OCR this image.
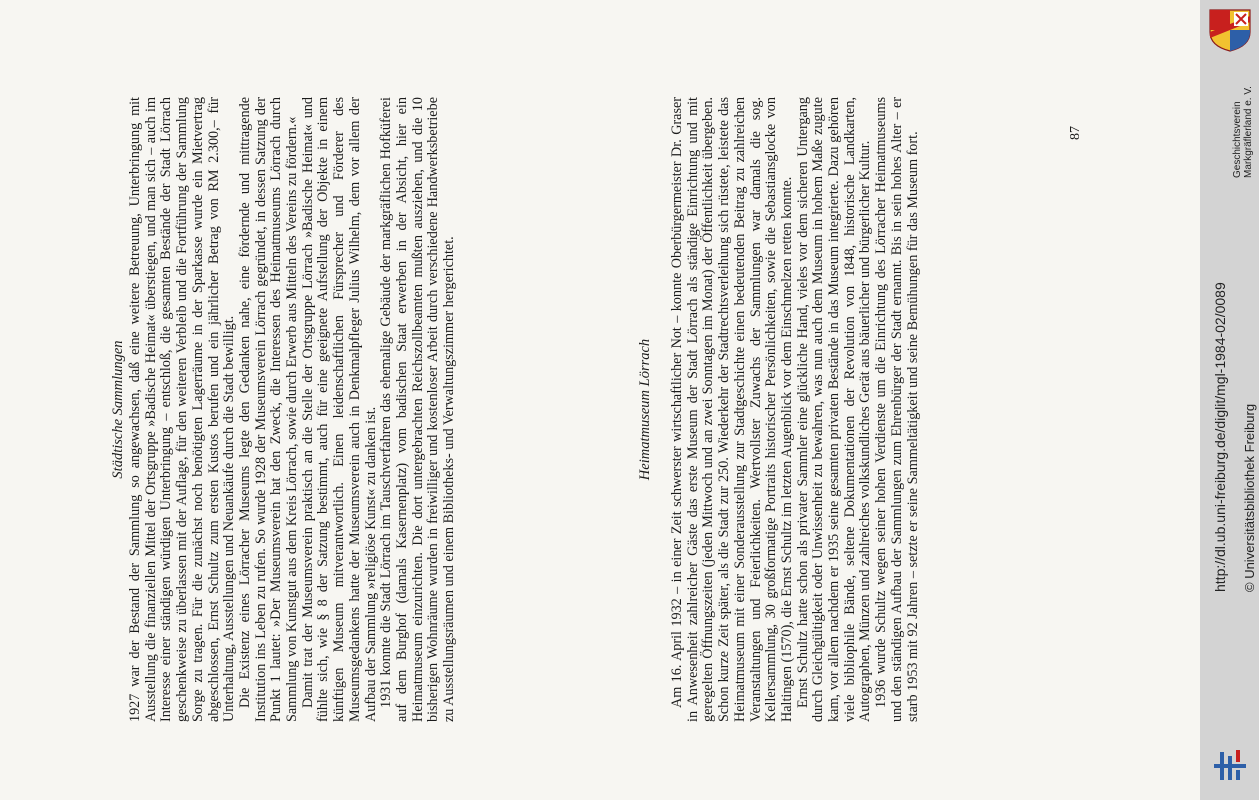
Städtische Sammlungen 1927 war der Bestand der Sammlung so angewachsen, daß eine weitere Betreuung, Unterbringung mit Ausstellung die finanziellen Mittel der Ortsgruppe »Badische Heimat« überstiegen, und man sich – auch im Interesse einer ständigen würdigen Unterbringung – entschloß, die gesamten Bestände der Stadt Lörrach geschenkweise zu überlassen mit der Auflage, für den weiteren Verbleib und die Fortführung der Sammlung Sorge zu tragen. Für die zunächst noch benötigten Lagerräume in der Sparkasse wurde ein Mietvertrag abgeschlossen, Ernst Schultz zum ersten Kustos berufen und ein jährlicher Betrag von RM 2.300,– für Unterhaltung, Ausstellungen und Neuankäufe durch die Stadt bewilligt. Die Existenz eines Lörracher Museums legte den Gedanken nahe, eine fördernde und mittragende Institution ins Leben zu rufen. So wurde 1928 der Museumsverein Lörrach gegründet, in dessen Satzung der Punkt 1 lautet: »Der Museumsverein hat den Zweck, die Interessen des Heimatmuseums Lörrach durch Sammlung von Kunstgut aus dem Kreis Lörrach, sowie durch Erwerb aus Mitteln des Vereins zu fördern.« Damit trat der Museumsverein praktisch an die Stelle der Ortsgruppe Lörrach »Badische Heimat« und fühlte sich, wie § 8 der Satzung bestimmt, auch für eine geeignete Aufstellung der Objekte in einem künftigen Museum mitverantwortlich. Einen leidenschaftlichen Fürsprecher und Förderer des Museumsgedankens hatte der Museumsverein auch in Denkmalpfleger Julius Wilhelm, dem vor allem der Aufbau der Sammlung »religiöse Kunst« zu danken ist. 1931 konnte die Stadt Lörrach im Tauschverfahren das ehemalige Gebäude der markgräflichen Hofküferei auf dem Burghof (damals Kasernenplatz) vom badischen Staat erwerben in der Absicht, hier ein Heimatmuseum einzurichten. Die dort untergebrachten Reichszollbeamten mußten ausziehen, und die 10 bisherigen Wohnräume wurden in freiwilliger und kostenloser Arbeit durch verschiedene Handwerksbetriebe zu Ausstellungsräumen und einem Bibliotheks- und Verwaltungszimmer hergerichtet.	Heimatmuseum Lörrach Am 16. April 1932 – in einer Zeit schwerster wirtschaftlicher Not – konnte Oberbürgermeister Dr. Graser in Anwesenheit zahlreicher Gäste das erste Museum der Stadt Lörrach als ständige Einrichtung und mit geregelten Öffnungszeiten (jeden Mittwoch und an zwei Sonntagen im Monat) der Öffentlichkeit übergeben. Schon kurze Zeit später, als die Stadt zur 250. Wiederkehr der Stadtrechtsverleihung sich rüstete, leistete das Heimatmuseum mit einer Sonderausstellung zur Stadtgeschichte einen bedeutenden Beitrag zu zahlreichen Veranstaltungen und Feierlichkeiten. Wertvollster Zuwachs der Sammlungen war damals die sog. Kellersammlung, 30 großformatige Portraits historischer Persönlichkeiten, sowie die Sebastiansglocke von Haltingen (1570), die Ernst Schultz im letzten Augenblick vor dem Einschmelzen retten konnte. Ernst Schultz hatte schon als privater Sammler eine glückliche Hand, vieles vor dem sicheren Untergang durch Gleichgültigkeit oder Unwissenheit zu bewahren, was nun auch dem Museum in hohem Maße zugute kam, vor allem nachdem er 1935 seine gesamten privaten Bestände in das Museum integrierte. Dazu gehören viele bibliophile Bände, seltene Dokumentationen der Revolution von 1848, historische Landkarten, Autographen, Münzen und zahlreiches volkskundliches Gerät aus bäuerlicher und bürgerlicher Kultur. 1936 wurde Schultz wegen seiner hohen Verdienste um die Einrichtung des Lörracher Heimatmuseums und den ständigen Aufbau der Sammlungen zum Ehrenbürger der Stadt ernannt. Bis in sein hohes Alter – er starb 1953 mit 92 Jahren – setzte er seine Sammeltätigkeit und seine Bemühungen für das Museum fort.	87	Geschichtsverein Markgräflerland e. V.
http://dl.ub.uni-freiburg.de/diglit/mgl-1984-02/0089 © Universitätsbibliothek Freiburg
